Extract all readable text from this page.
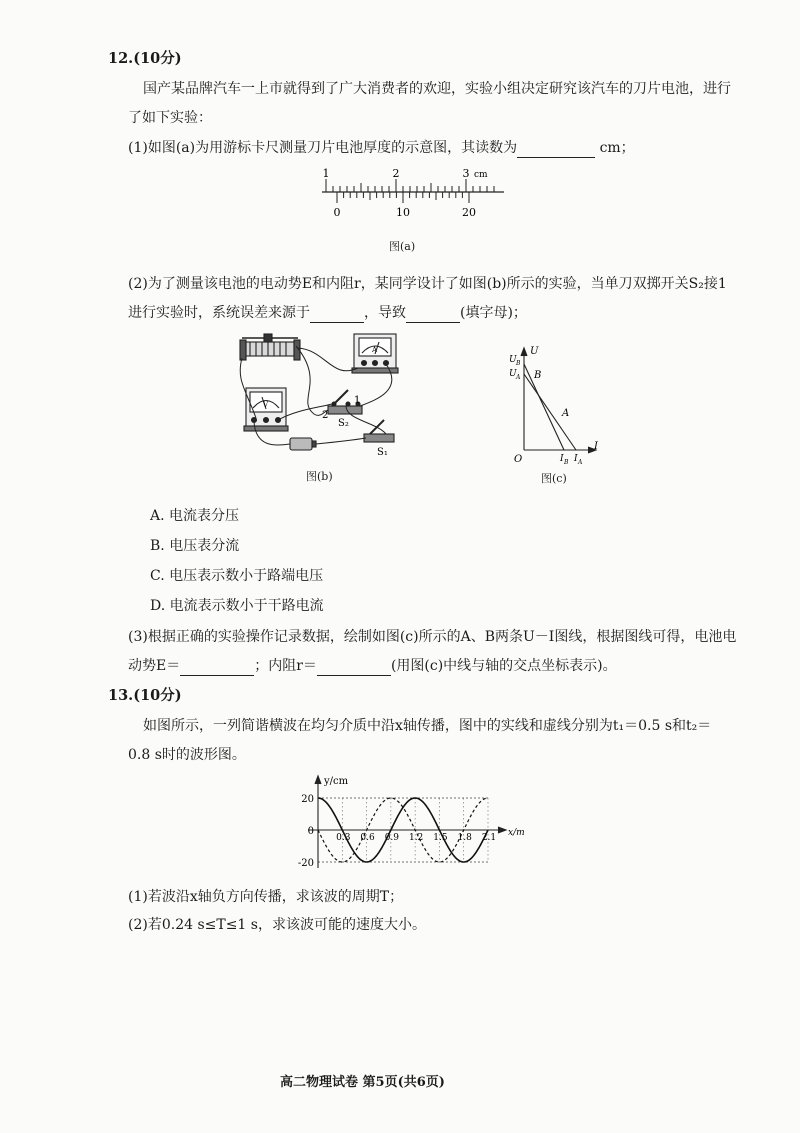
12.(10分)
国产某品牌汽车一上市就得到了广大消费者的欢迎，实验小组决定研究该汽车的刀片电池，进行
了如下实验：
(1)如图(a)为用游标卡尺测量刀片电池厚度的示意图，其读数为	cm；
1	2	3 cm
0	10	20
图(a)
(2)为了测量该电池的电动势E和内阻r，某同学设计了如图(b)所示的实验，当单刀双掷开关S₂接1
进行实验时，系统误差来源于	，导致	(填字母)；
A
V	1
2
S₂
S₁
图(b)
U
I
O
U B
U A B
A
I B I A
图(c)
A. 电流表分压
B. 电压表分流
C. 电压表示数小于路端电压
D. 电流表示数小于干路电流
(3)根据正确的实验操作记录数据，绘制如图(c)所示的A、B两条U－I图线，根据图线可得，电池电
动势E＝	；内阻r＝	(用图(c)中线与轴的交点坐标表示)。
13.(10分)
如图所示，一列简谐横波在均匀介质中沿x轴传播，图中的实线和虚线分别为t₁＝0.5 s和t₂＝
0.8 s时的波形图。
0.3 0.6 0.9 1.2 1.5 1.8 2.1
20
0
-20
y/cm
x/m
(1)若波沿x轴负方向传播，求该波的周期T；
(2)若0.24 s≤T≤1 s，求该波可能的速度大小。
高二物理试卷 第5页(共6页)
